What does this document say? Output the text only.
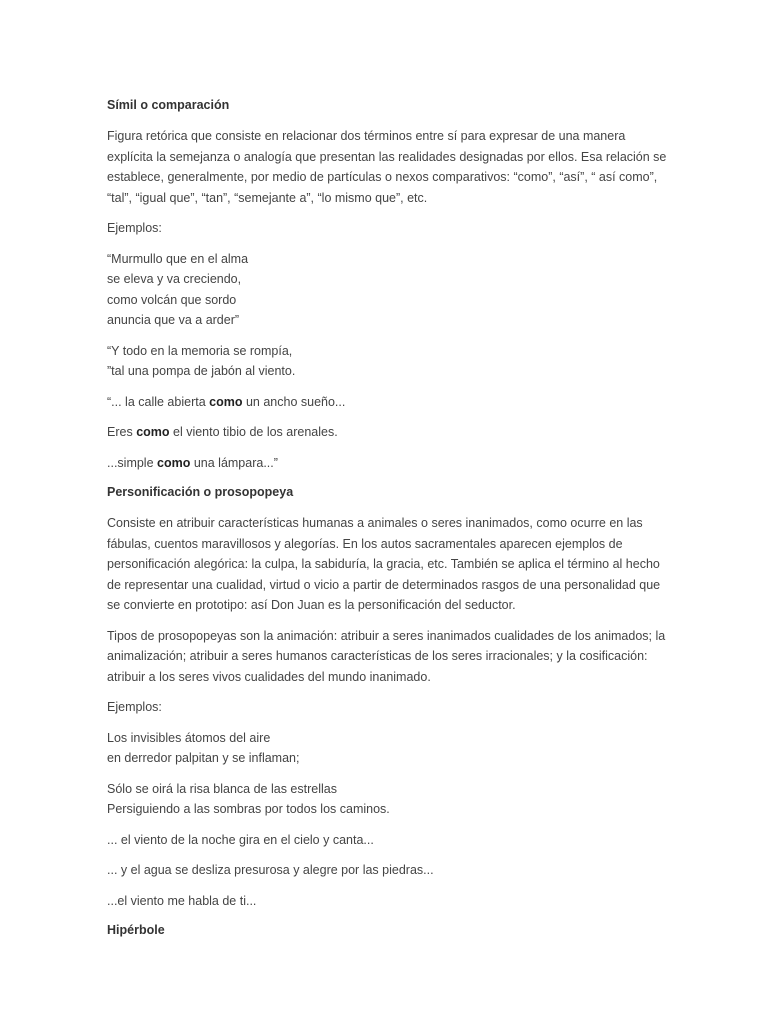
Símil o comparación

Figura retórica que consiste en relacionar dos términos entre sí para expresar de una manera explícita la semejanza o analogía que presentan las realidades designadas por ellos. Esa relación se establece, generalmente, por medio de partículas o nexos comparativos: “como”, “así”, “ así como”, “tal”, “igual que”, “tan”, “semejante a”, “lo mismo que”, etc.

Ejemplos:

“Murmullo que en el alma
se eleva y va creciendo,
como volcán que sordo
anuncia que va a arder”
“Y todo en la memoria se rompía,
”tal una pompa de jabón al viento.

“... la calle abierta como un ancho sueño...

Eres como el viento tibio de los arenales.

...simple como una lámpara...”

Personificación o prosopopeya

Consiste en atribuir características humanas a animales o seres inanimados, como ocurre en las fábulas, cuentos maravillosos y alegorías. En los autos sacramentales aparecen ejemplos de personificación alegórica: la culpa, la sabiduría, la gracia, etc. También se aplica el término al hecho de representar una cualidad, virtud o vicio a partir de determinados rasgos de una personalidad que se convierte en prototipo: así Don Juan es la personificación del seductor.

Tipos de prosopopeyas son la animación: atribuir a seres inanimados cualidades de los animados; la animalización; atribuir a seres humanos características de los seres irracionales; y la cosificación: atribuir a los seres vivos cualidades del mundo inanimado.

Ejemplos:

Los invisibles átomos del aire
en derredor palpitan y se inflaman;
Sólo se oirá la risa blanca de las estrellas
Persiguiendo a las sombras por todos los caminos.

... el viento de la noche gira en el cielo y canta...

... y el agua se desliza presurosa y alegre por las piedras...

...el viento me habla de ti...

Hipérbole
